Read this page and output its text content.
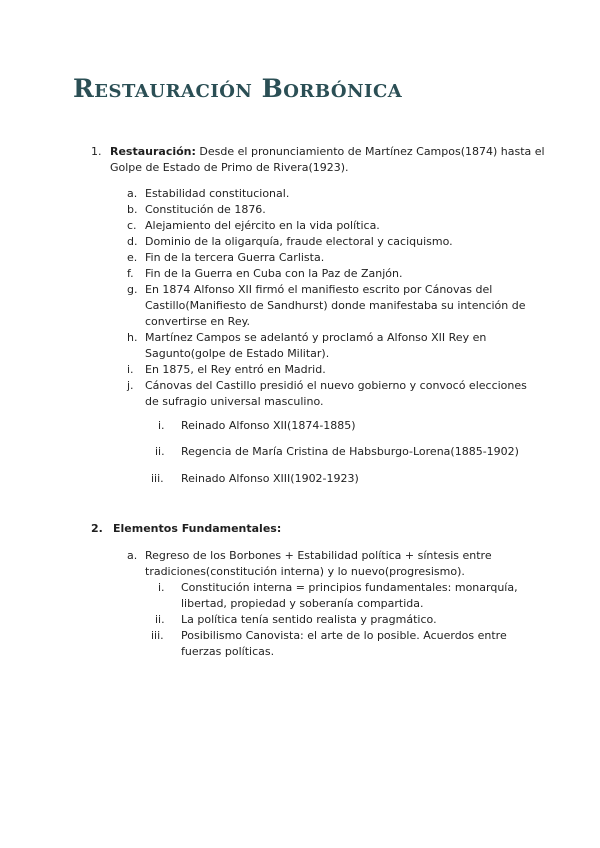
Restauración Borbónica
1. Restauración: Desde el pronunciamiento de Martínez Campos(1874) hasta el
Golpe de Estado de Primo de Rivera(1923).
a. Estabilidad constitucional.
b. Constitución de 1876.
c. Alejamiento del ejército en la vida política.
d. Dominio de la oligarquía, fraude electoral y caciquismo.
e. Fin de la tercera Guerra Carlista.
f. Fin de la Guerra en Cuba con la Paz de Zanjón.
g. En 1874 Alfonso XII firmó el manifiesto escrito por Cánovas del
Castillo(Manifiesto de Sandhurst) donde manifestaba su intención de
convertirse en Rey.
h. Martínez Campos se adelantó y proclamó a Alfonso XII Rey en
Sagunto(golpe de Estado Militar).
i. En 1875, el Rey entró en Madrid.
j. Cánovas del Castillo presidió el nuevo gobierno y convocó elecciones
de sufragio universal masculino.
i. Reinado Alfonso XII(1874-1885)
ii. Regencia de María Cristina de Habsburgo-Lorena(1885-1902)
iii. Reinado Alfonso XIII(1902-1923)
2. Elementos Fundamentales:
a. Regreso de los Borbones + Estabilidad política + síntesis entre
tradiciones(constitución interna) y lo nuevo(progresismo).
i. Constitución interna = principios fundamentales: monarquía,
libertad, propiedad y soberanía compartida.
ii. La política tenía sentido realista y pragmático.
iii. Posibilismo Canovista: el arte de lo posible. Acuerdos entre
fuerzas políticas.
